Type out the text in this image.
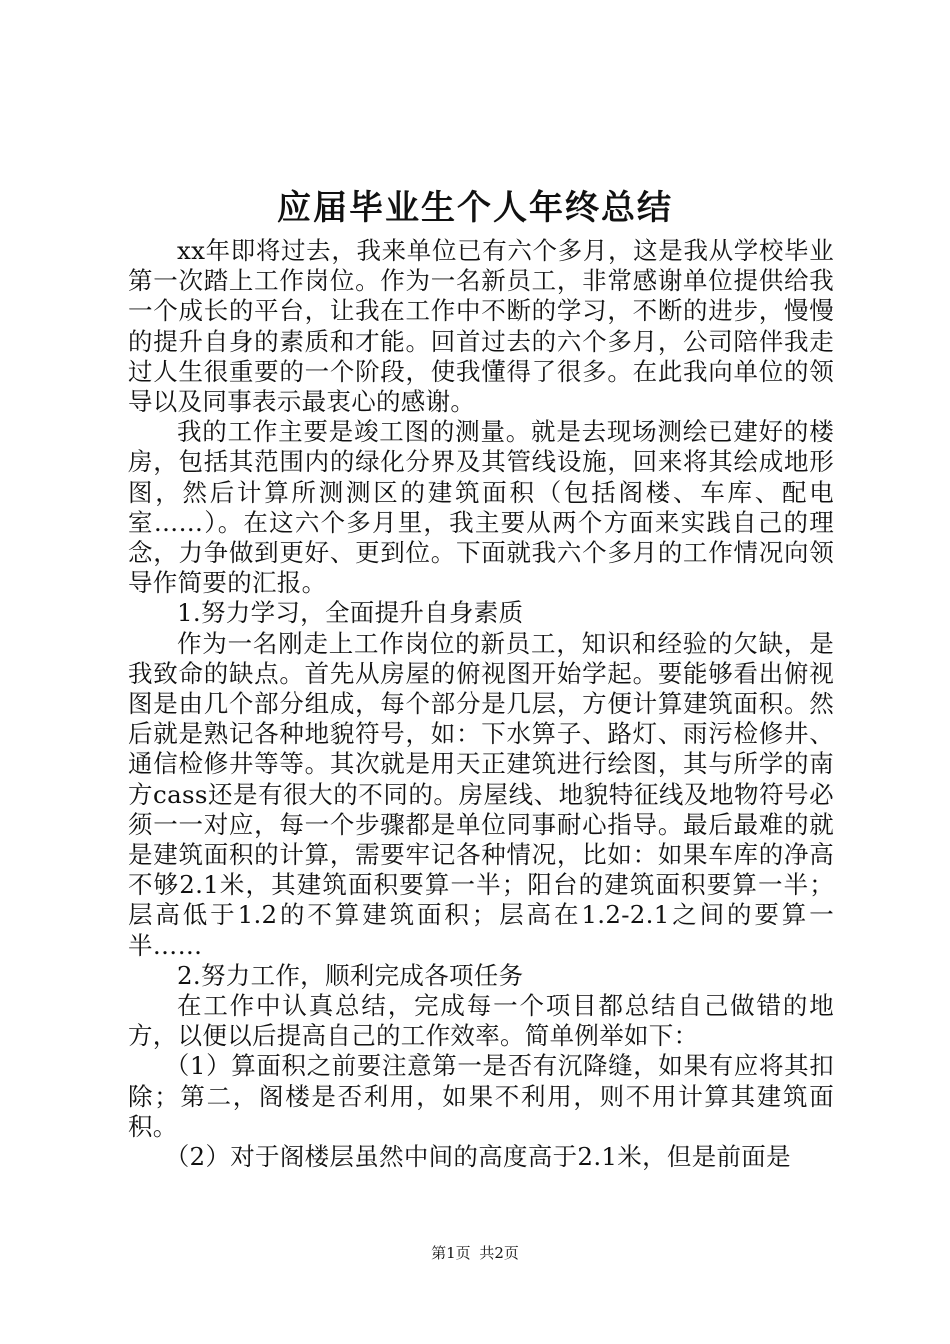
应届毕业生个人年终总结

xx年即将过去，我来单位已有六个多月，这是我从学校毕业第一次踏上工作岗位。作为一名新员工，非常感谢单位提供给我一个成长的平台，让我在工作中不断的学习，不断的进步，慢慢的提升自身的素质和才能。回首过去的六个多月，公司陪伴我走过人生很重要的一个阶段，使我懂得了很多。在此我向单位的领导以及同事表示最衷心的感谢。

我的工作主要是竣工图的测量。就是去现场测绘已建好的楼房，包括其范围内的绿化分界及其管线设施，回来将其绘成地形图，然后计算所测测区的建筑面积（包括阁楼、车库、配电室……）。在这六个多月里，我主要从两个方面来实践自己的理念，力争做到更好、更到位。下面就我六个多月的工作情况向领导作简要的汇报。

1.努力学习，全面提升自身素质

作为一名刚走上工作岗位的新员工，知识和经验的欠缺，是我致命的缺点。首先从房屋的俯视图开始学起。要能够看出俯视图是由几个部分组成，每个部分是几层，方便计算建筑面积。然后就是熟记各种地貌符号，如：下水箅子、路灯、雨污检修井、通信检修井等等。其次就是用天正建筑进行绘图，其与所学的南方cass还是有很大的不同的。房屋线、地貌特征线及地物符号必须一一对应，每一个步骤都是单位同事耐心指导。最后最难的就是建筑面积的计算，需要牢记各种情况，比如：如果车库的净高不够2.1米，其建筑面积要算一半；阳台的建筑面积要算一半；层高低于1.2的不算建筑面积；层高在1.2-2.1之间的要算一半……

2.努力工作，顺利完成各项任务

在工作中认真总结，完成每一个项目都总结自己做错的地方，以便以后提高自己的工作效率。简单例举如下：

（1）算面积之前要注意第一是否有沉降缝，如果有应将其扣除；第二，阁楼是否利用，如果不利用，则不用计算其建筑面积。

（2）对于阁楼层虽然中间的高度高于2.1米，但是前面是

第1页 共2页
